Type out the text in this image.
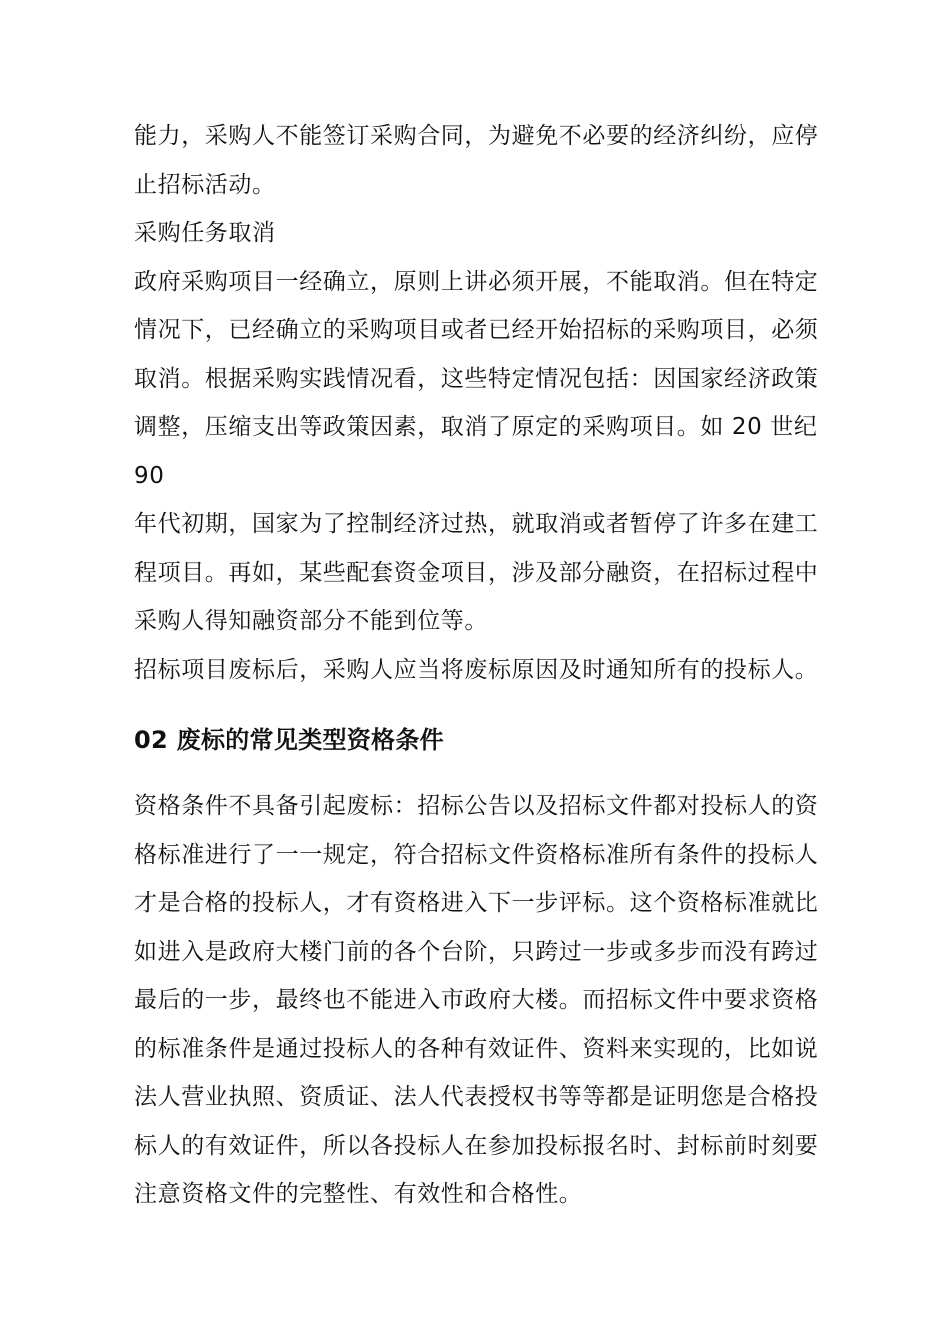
能力，采购人不能签订采购合同，为避免不必要的经济纠纷，应停
止招标活动。

采购任务取消

政府采购项目一经确立，原则上讲必须开展，不能取消。但在特定
情况下，已经确立的采购项目或者已经开始招标的采购项目，必须
取消。根据采购实践情况看，这些特定情况包括：因国家经济政策
调整，压缩支出等政策因素，取消了原定的采购项目。如 20 世纪 90
年代初期，国家为了控制经济过热，就取消或者暂停了许多在建工
程项目。再如，某些配套资金项目，涉及部分融资，在招标过程中
采购人得知融资部分不能到位等。

招标项目废标后，采购人应当将废标原因及时通知所有的投标人。

02 废标的常见类型资格条件

资格条件不具备引起废标：招标公告以及招标文件都对投标人的资
格标准进行了一一规定，符合招标文件资格标准所有条件的投标人
才是合格的投标人，才有资格进入下一步评标。这个资格标准就比
如进入是政府大楼门前的各个台阶，只跨过一步或多步而没有跨过
最后的一步，最终也不能进入市政府大楼。而招标文件中要求资格
的标准条件是通过投标人的各种有效证件、资料来实现的，比如说
法人营业执照、资质证、法人代表授权书等等都是证明您是合格投
标人的有效证件，所以各投标人在参加投标报名时、封标前时刻要
注意资格文件的完整性、有效性和合格性。
